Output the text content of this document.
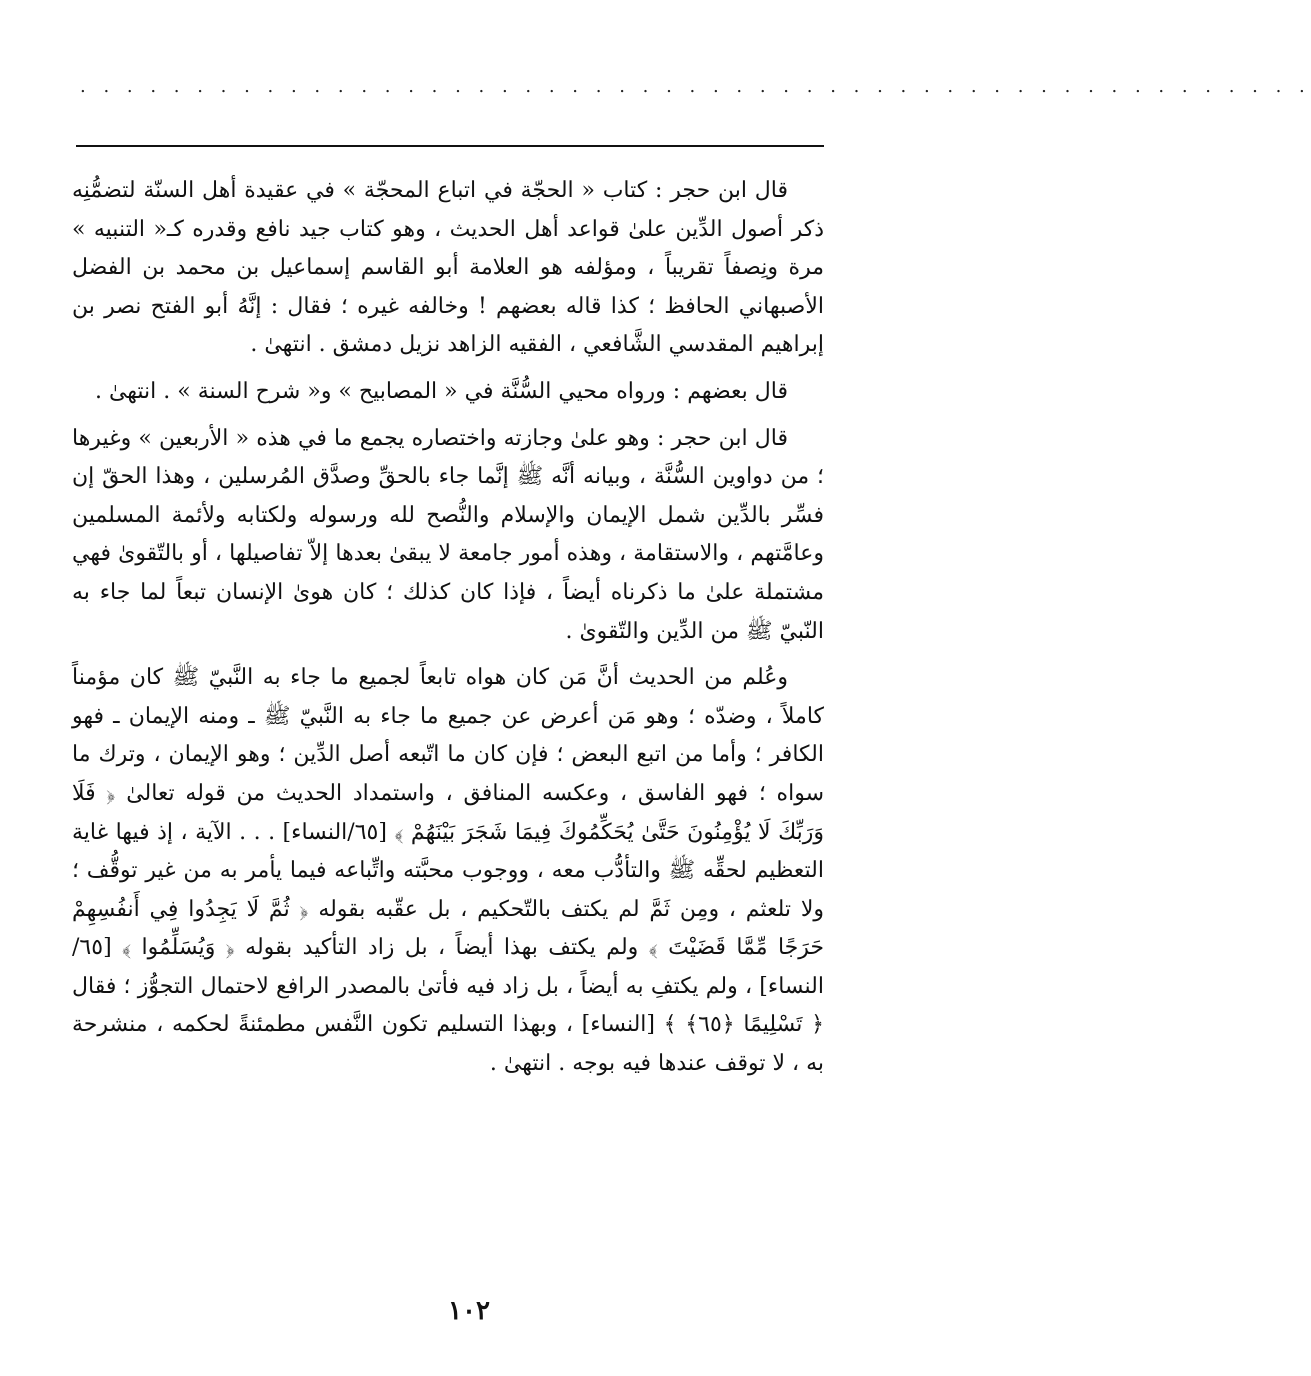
. . . . . . . . . . . . . . . . . . . . . . . . . . . . . . . . . . . . . . . . . . . . . . . . . . . . .

قال ابن حجر : كتاب « الحجّة في اتباع المحجّة » في عقيدة أهل السنّة لتضمُّنِه ذكر أصول الدِّين علىٰ قواعد أهل الحديث ، وهو كتاب جيد نافع وقدره كـ« التنبيه » مرة ونِصفاً تقريباً ، ومؤلفه هو العلامة أبو القاسم إسماعيل بن محمد بن الفضل الأصبهاني الحافظ ؛ كذا قاله بعضهم ! وخالفه غيره ؛ فقال : إنَّهُ أبو الفتح نصر بن إبراهيم المقدسي الشَّافعي ، الفقيه الزاهد نزيل دمشق . انتهىٰ .

قال بعضهم : ورواه محيي السُّنَّة في « المصابيح » و« شرح السنة » . انتهىٰ .

قال ابن حجر : وهو علىٰ وجازته واختصاره يجمع ما في هذه « الأربعين » وغيرها ؛ من دواوين السُّنَّة ، وبيانه أنَّه ﷺ إنَّما جاء بالحقِّ وصدَّق المُرسلين ، وهذا الحقّ إن فسِّر بالدِّين شمل الإيمان والإسلام والنُّصح لله ورسوله ولكتابه ولأئمة المسلمين وعامَّتهم ، والاستقامة ، وهذه أمور جامعة لا يبقىٰ بعدها إلاّ تفاصيلها ، أو بالتّقوىٰ فهي مشتملة علىٰ ما ذكرناه أيضاً ، فإذا كان كذلك ؛ كان هوىٰ الإنسان تبعاً لما جاء به النّبيّ ﷺ من الدِّين والتّقوىٰ .

وعُلم من الحديث أنَّ مَن كان هواه تابعاً لجميع ما جاء به النَّبيّ ﷺ كان مؤمناً كاملاً ، وضدّه ؛ وهو مَن أعرض عن جميع ما جاء به النَّبيّ ﷺ ـ ومنه الإيمان ـ فهو الكافر ؛ وأما من اتبع البعض ؛ فإن كان ما اتّبعه أصل الدِّين ؛ وهو الإيمان ، وترك ما سواه ؛ فهو الفاسق ، وعكسه المنافق ، واستمداد الحديث من قوله تعالىٰ ﴿ فَلَا وَرَبِّكَ لَا يُؤْمِنُونَ حَتَّىٰ يُحَكِّمُوكَ فِيمَا شَجَرَ بَيْنَهُمْ ﴾ [٦٥/النساء] . . . الآية ، إذ فيها غاية التعظيم لحقِّه ﷺ والتأدُّب معه ، ووجوب محبَّته واتِّباعه فيما يأمر به من غير توقُّف ؛ ولا تلعثم ، ومِن ثَمَّ لم يكتف بالتّحكيم ، بل عقّبه بقوله ﴿ ثُمَّ لَا يَجِدُوا فِي أَنفُسِهِمْ حَرَجًا مِّمَّا قَضَيْتَ ﴾ ولم يكتف بهذا أيضاً ، بل زاد التأكيد بقوله ﴿ وَيُسَلِّمُوا ﴾ [٦٥/النساء] ، ولم يكتفِ به أيضاً ، بل زاد فيه فأتىٰ بالمصدر الرافع لاحتمال التجوُّز ؛ فقال ﴿ تَسْلِيمًا ﴿٦٥﴾ ﴾ [النساء] ، وبهذا التسليم تكون النَّفس مطمئنةً لحكمه ، منشرحة به ، لا توقف عندها فيه بوجه . انتهىٰ .

١٠٢
